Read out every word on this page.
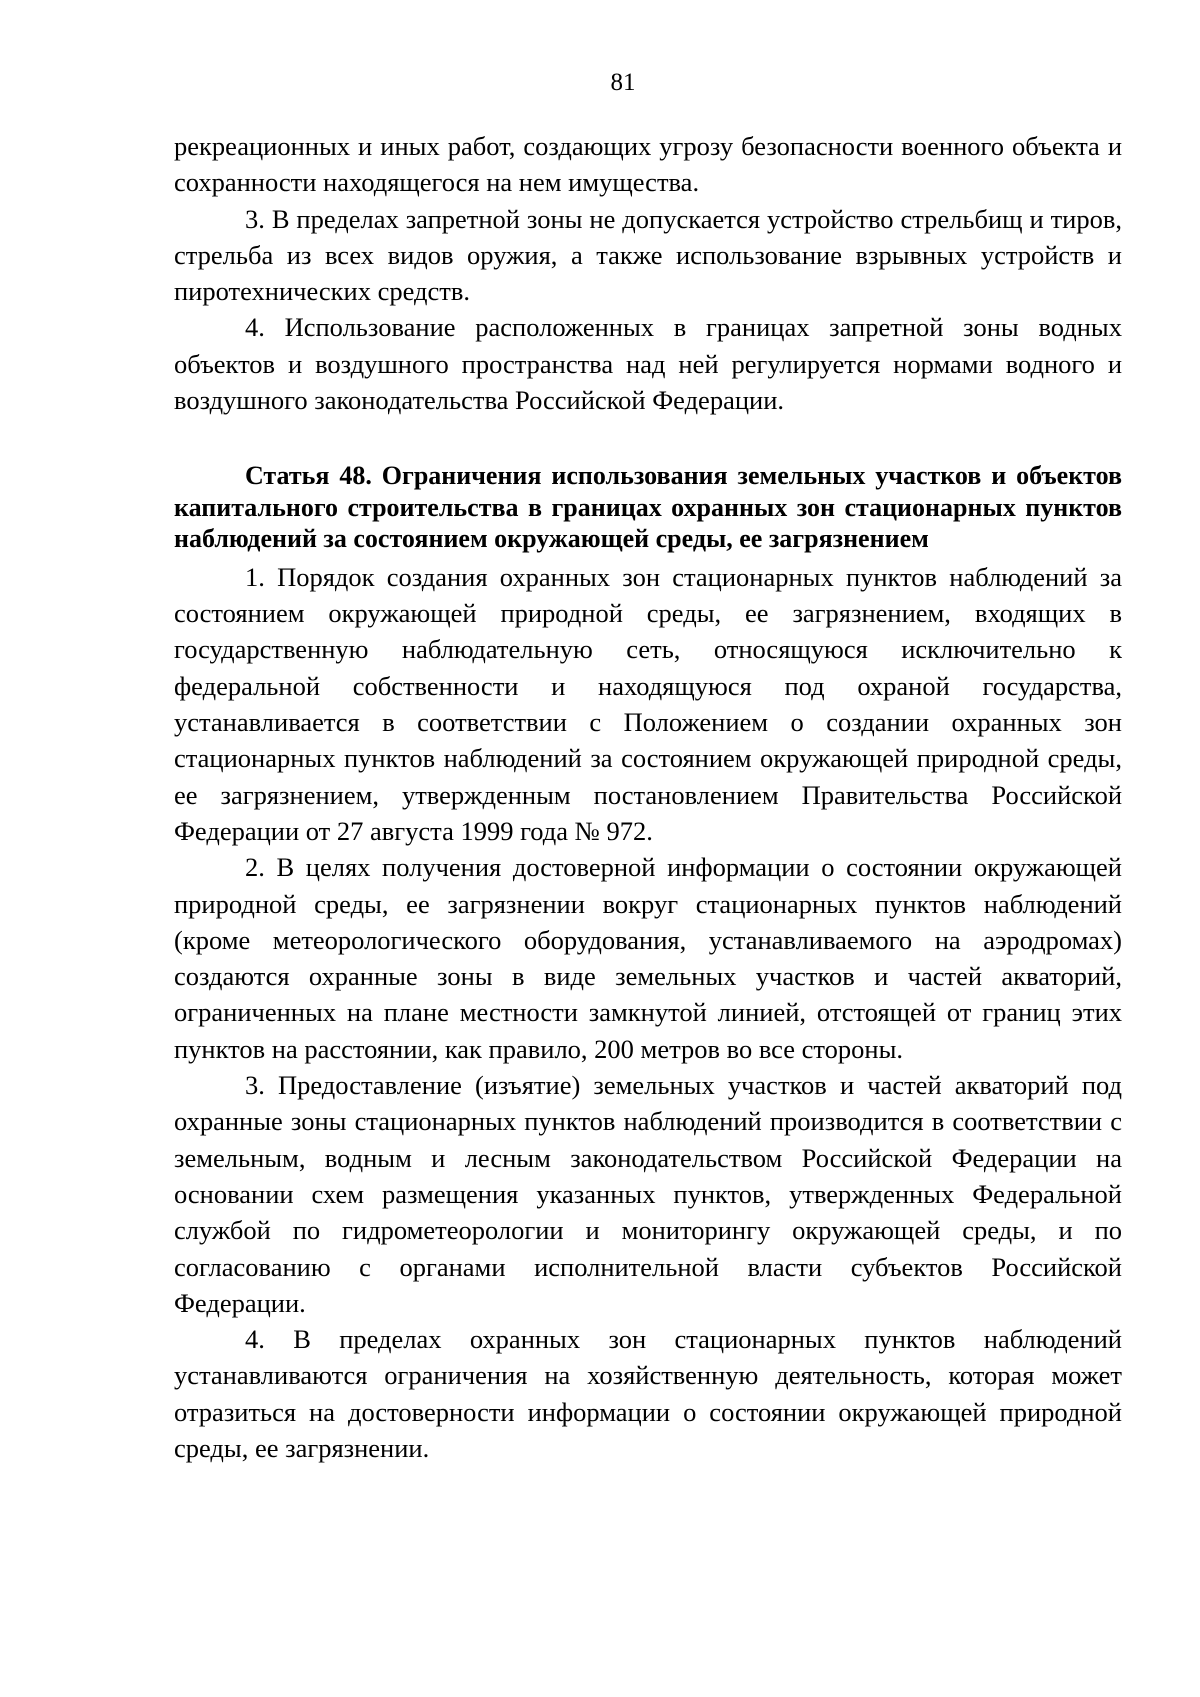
81

рекреационных и иных работ, создающих угрозу безопасности военного объекта и сохранности находящегося на нем имущества.

3. В пределах запретной зоны не допускается устройство стрельбищ и тиров, стрельба из всех видов оружия, а также использование взрывных устройств и пиротехнических средств.

4. Использование расположенных в границах запретной зоны водных объектов и воздушного пространства над ней регулируется нормами водного и воздушного законодательства Российской Федерации.

Статья 48. Ограничения использования земельных участков и объектов капитального строительства в границах охранных зон стационарных пунктов наблюдений за состоянием окружающей среды, ее загрязнением

1. Порядок создания охранных зон стационарных пунктов наблюдений за состоянием окружающей природной среды, ее загрязнением, входящих в государственную наблюдательную сеть, относящуюся исключительно к федеральной собственности и находящуюся под охраной государства, устанавливается в соответствии с Положением о создании охранных зон стационарных пунктов наблюдений за состоянием окружающей природной среды, ее загрязнением, утвержденным постановлением Правительства Российской Федерации от 27 августа 1999 года № 972.

2. В целях получения достоверной информации о состоянии окружающей природной среды, ее загрязнении вокруг стационарных пунктов наблюдений (кроме метеорологического оборудования, устанавливаемого на аэродромах) создаются охранные зоны в виде земельных участков и частей акваторий, ограниченных на плане местности замкнутой линией, отстоящей от границ этих пунктов на расстоянии, как правило, 200 метров во все стороны.

3. Предоставление (изъятие) земельных участков и частей акваторий под охранные зоны стационарных пунктов наблюдений производится в соответствии с земельным, водным и лесным законодательством Российской Федерации на основании схем размещения указанных пунктов, утвержденных Федеральной службой по гидрометеорологии и мониторингу окружающей среды, и по согласованию с органами исполнительной власти субъектов Российской Федерации.

4. В пределах охранных зон стационарных пунктов наблюдений устанавливаются ограничения на хозяйственную деятельность, которая может отразиться на достоверности информации о состоянии окружающей природной среды, ее загрязнении.
